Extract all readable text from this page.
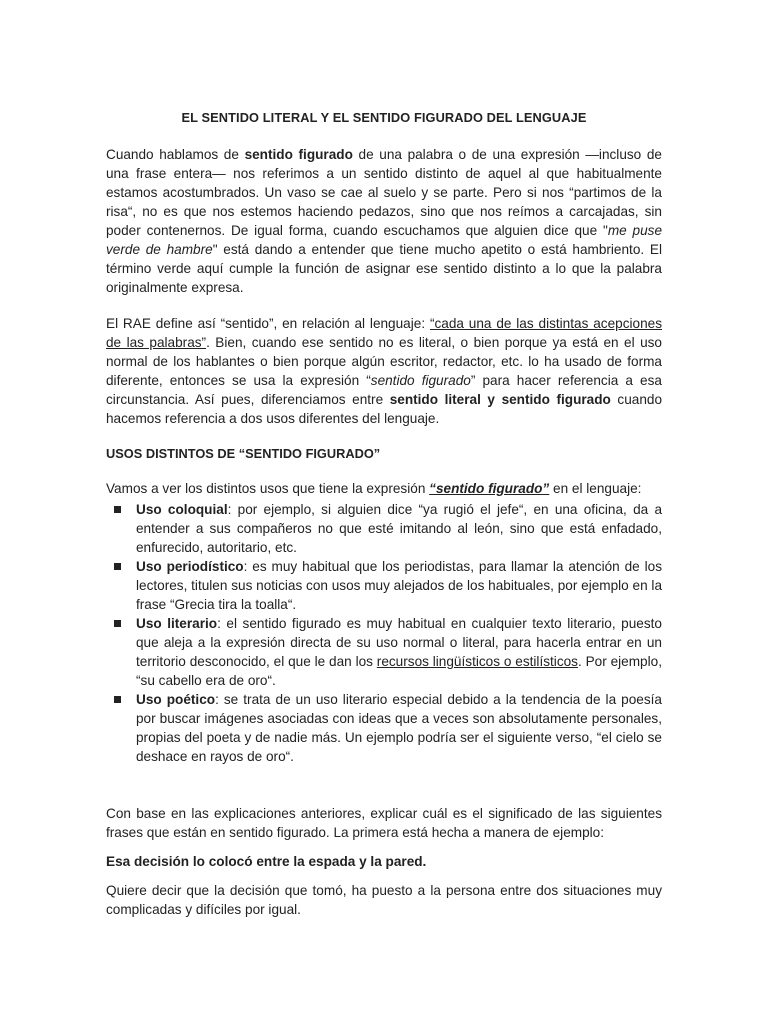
EL SENTIDO LITERAL Y EL SENTIDO FIGURADO DEL LENGUAJE

Cuando hablamos de sentido figurado de una palabra o de una expresión —incluso de una frase entera— nos referimos a un sentido distinto de aquel al que habitualmente estamos acostumbrados. Un vaso se cae al suelo y se parte. Pero si nos “partimos de la risa“, no es que nos estemos haciendo pedazos, sino que nos reímos a carcajadas, sin poder contenernos. De igual forma, cuando escuchamos que alguien dice que "me puse verde de hambre" está dando a entender que tiene mucho apetito o está hambriento. El término verde aquí cumple la función de asignar ese sentido distinto a lo que la palabra originalmente expresa.

El RAE define así “sentido”, en relación al lenguaje: “cada una de las distintas acepciones de las palabras”. Bien, cuando ese sentido no es literal, o bien porque ya está en el uso normal de los hablantes o bien porque algún escritor, redactor, etc. lo ha usado de forma diferente, entonces se usa la expresión “sentido figurado” para hacer referencia a esa circunstancia. Así pues, diferenciamos entre sentido literal y sentido figurado cuando hacemos referencia a dos usos diferentes del lenguaje.

USOS DISTINTOS DE “SENTIDO FIGURADO”

Vamos a ver los distintos usos que tiene la expresión “sentido figurado” en el lenguaje:

Uso coloquial: por ejemplo, si alguien dice “ya rugió el jefe“, en una oficina, da a entender a sus compañeros no que esté imitando al león, sino que está enfadado, enfurecido, autoritario, etc.
Uso periodístico: es muy habitual que los periodistas, para llamar la atención de los lectores, titulen sus noticias con usos muy alejados de los habituales, por ejemplo en la frase “Grecia tira la toalla“.
Uso literario: el sentido figurado es muy habitual en cualquier texto literario, puesto que aleja a la expresión directa de su uso normal o literal, para hacerla entrar en un territorio desconocido, el que le dan los recursos lingüísticos o estilísticos. Por ejemplo, “su cabello era de oro“.
Uso poético: se trata de un uso literario especial debido a la tendencia de la poesía por buscar imágenes asociadas con ideas que a veces son absolutamente personales, propias del poeta y de nadie más. Un ejemplo podría ser el siguiente verso, “el cielo se deshace en rayos de oro“.

Con base en las explicaciones anteriores, explicar cuál es el significado de las siguientes frases que están en sentido figurado. La primera está hecha a manera de ejemplo:

Esa decisión lo colocó entre la espada y la pared.

Quiere decir que la decisión que tomó, ha puesto a la persona entre dos situaciones muy complicadas y difíciles por igual.
